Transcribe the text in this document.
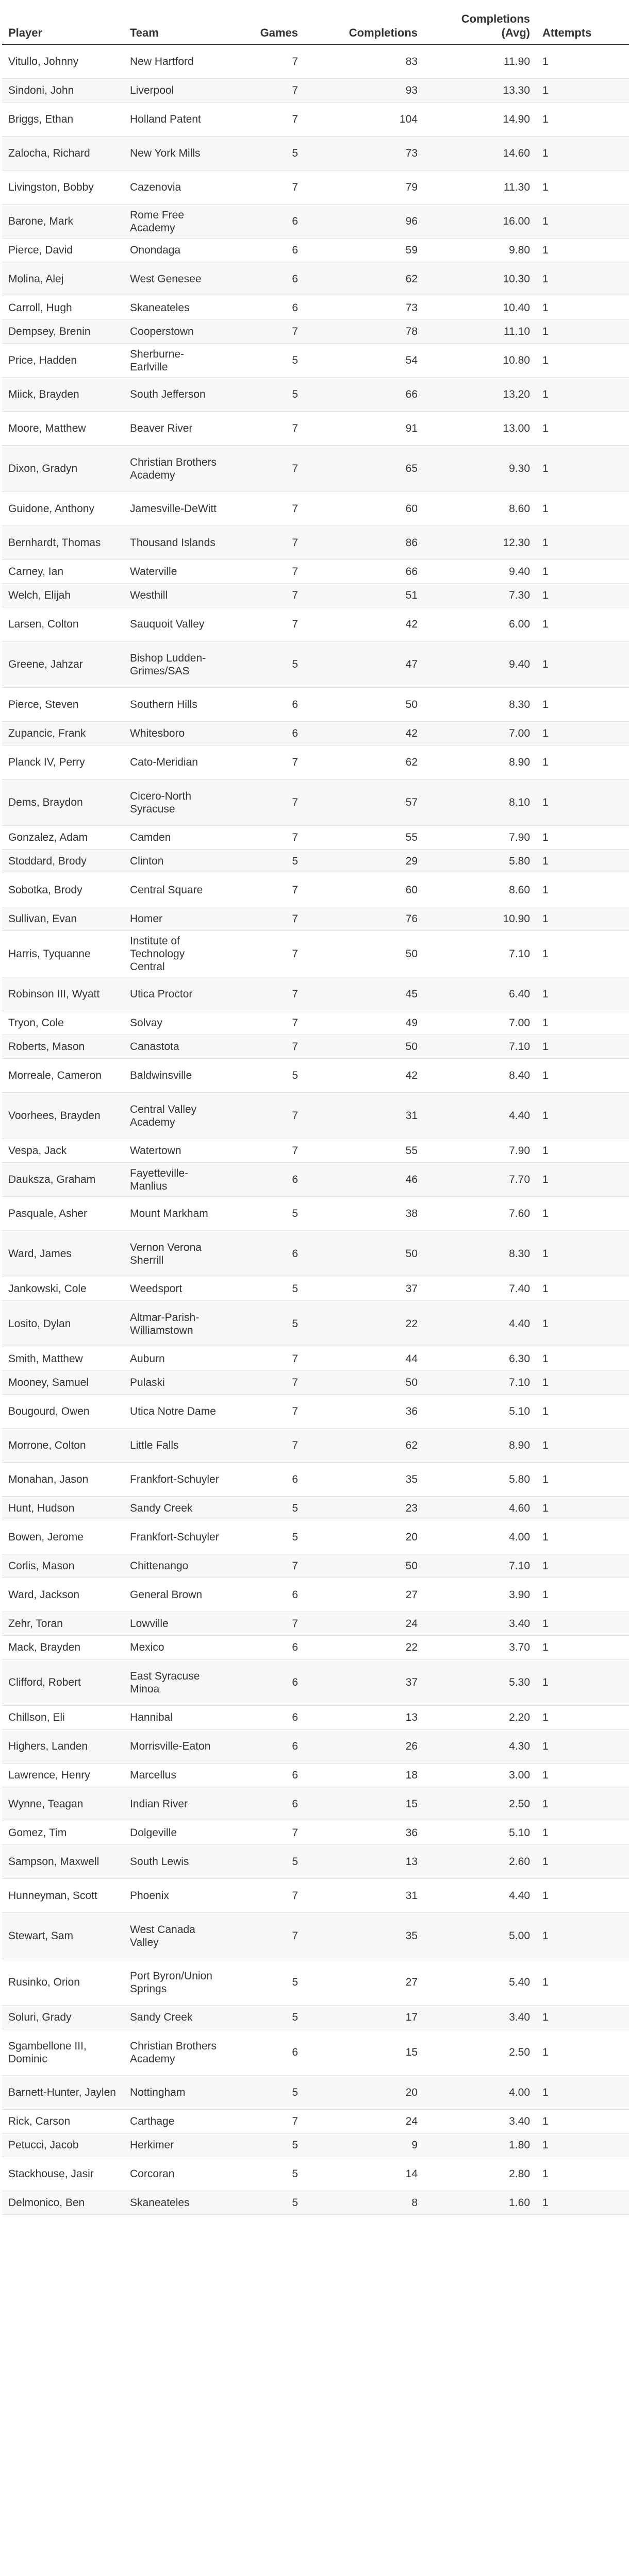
Player	Team	Games	Completions	Completions (Avg)	Attempts
Vitullo, Johnny	New Hartford	7	83	11.90	1
Sindoni, John	Liverpool	7	93	13.30	1
Briggs, Ethan	Holland Patent	7	104	14.90	1
Zalocha, Richard	New York Mills	5	73	14.60	1
Livingston, Bobby	Cazenovia	7	79	11.30	1
Barone, Mark	Rome Free Academy	6	96	16.00	1
Pierce, David	Onondaga	6	59	9.80	1
Molina, Alej	West Genesee	6	62	10.30	1
Carroll, Hugh	Skaneateles	6	73	10.40	1
Dempsey, Brenin	Cooperstown	7	78	11.10	1
Price, Hadden	Sherburne-Earlville	5	54	10.80	1
Miick, Brayden	South Jefferson	5	66	13.20	1
Moore, Matthew	Beaver River	7	91	13.00	1
Dixon, Gradyn	Christian Brothers Academy	7	65	9.30	1
Guidone, Anthony	Jamesville-DeWitt	7	60	8.60	1
Bernhardt, Thomas	Thousand Islands	7	86	12.30	1
Carney, Ian	Waterville	7	66	9.40	1
Welch, Elijah	Westhill	7	51	7.30	1
Larsen, Colton	Sauquoit Valley	7	42	6.00	1
Greene, Jahzar	Bishop Ludden-Grimes/SAS	5	47	9.40	1
Pierce, Steven	Southern Hills	6	50	8.30	1
Zupancic, Frank	Whitesboro	6	42	7.00	1
Planck IV, Perry	Cato-Meridian	7	62	8.90	1
Dems, Braydon	Cicero-North Syracuse	7	57	8.10	1
Gonzalez, Adam	Camden	7	55	7.90	1
Stoddard, Brody	Clinton	5	29	5.80	1
Sobotka, Brody	Central Square	7	60	8.60	1
Sullivan, Evan	Homer	7	76	10.90	1
Harris, Tyquanne	Institute of Technology Central	7	50	7.10	1
Robinson III, Wyatt	Utica Proctor	7	45	6.40	1
Tryon, Cole	Solvay	7	49	7.00	1
Roberts, Mason	Canastota	7	50	7.10	1
Morreale, Cameron	Baldwinsville	5	42	8.40	1
Voorhees, Brayden	Central Valley Academy	7	31	4.40	1
Vespa, Jack	Watertown	7	55	7.90	1
Dauksza, Graham	Fayetteville-Manlius	6	46	7.70	1
Pasquale, Asher	Mount Markham	5	38	7.60	1
Ward, James	Vernon Verona Sherrill	6	50	8.30	1
Jankowski, Cole	Weedsport	5	37	7.40	1
Losito, Dylan	Altmar-Parish-Williamstown	5	22	4.40	1
Smith, Matthew	Auburn	7	44	6.30	1
Mooney, Samuel	Pulaski	7	50	7.10	1
Bougourd, Owen	Utica Notre Dame	7	36	5.10	1
Morrone, Colton	Little Falls	7	62	8.90	1
Monahan, Jason	Frankfort-Schuyler	6	35	5.80	1
Hunt, Hudson	Sandy Creek	5	23	4.60	1
Bowen, Jerome	Frankfort-Schuyler	5	20	4.00	1
Corlis, Mason	Chittenango	7	50	7.10	1
Ward, Jackson	General Brown	6	27	3.90	1
Zehr, Toran	Lowville	7	24	3.40	1
Mack, Brayden	Mexico	6	22	3.70	1
Clifford, Robert	East Syracuse Minoa	6	37	5.30	1
Chillson, Eli	Hannibal	6	13	2.20	1
Highers, Landen	Morrisville-Eaton	6	26	4.30	1
Lawrence, Henry	Marcellus	6	18	3.00	1
Wynne, Teagan	Indian River	6	15	2.50	1
Gomez, Tim	Dolgeville	7	36	5.10	1
Sampson, Maxwell	South Lewis	5	13	2.60	1
Hunneyman, Scott	Phoenix	7	31	4.40	1
Stewart, Sam	West Canada Valley	7	35	5.00	1
Rusinko, Orion	Port Byron/Union Springs	5	27	5.40	1
Soluri, Grady	Sandy Creek	5	17	3.40	1
Sgambellone III, Dominic	Christian Brothers Academy	6	15	2.50	1
Barnett-Hunter, Jaylen	Nottingham	5	20	4.00	1
Rick, Carson	Carthage	7	24	3.40	1
Petucci, Jacob	Herkimer	5	9	1.80	1
Stackhouse, Jasir	Corcoran	5	14	2.80	1
Delmonico, Ben	Skaneateles	5	8	1.60	1
